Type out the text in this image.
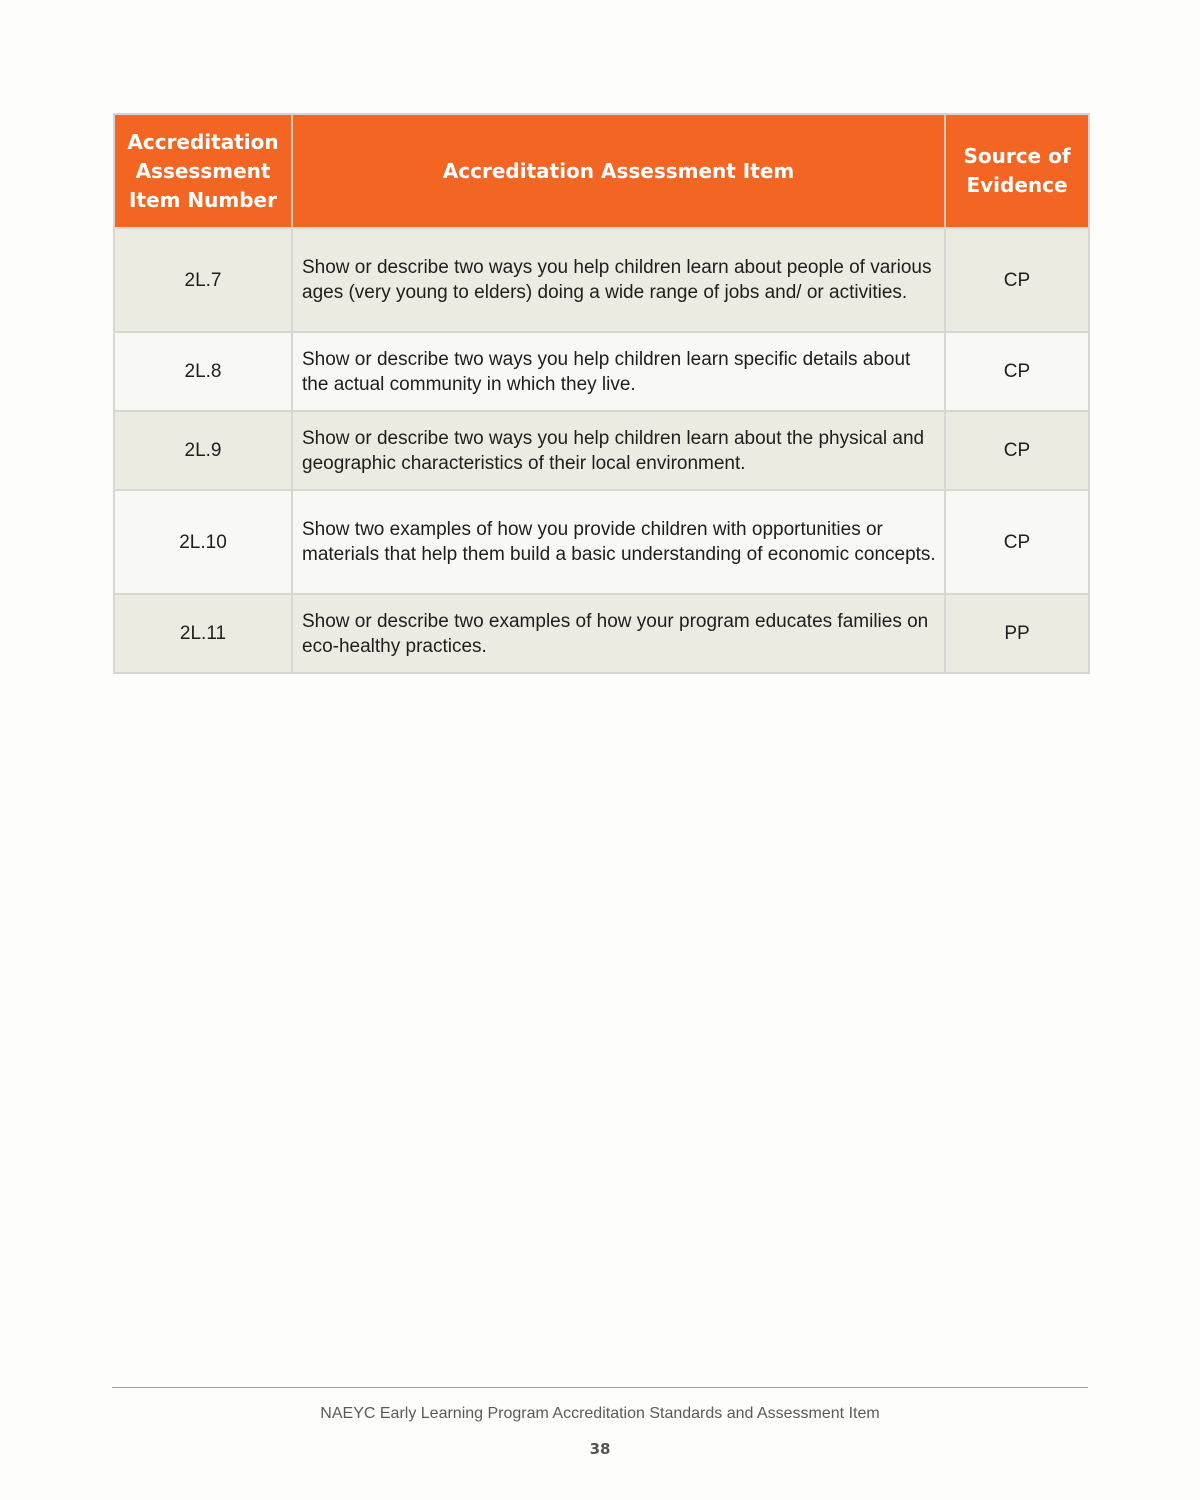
Accreditation Assessment Item Number	Accreditation Assessment Item	Source of Evidence
2L.7	Show or describe two ways you help children learn about people of various ages (very young to elders) doing a wide range of jobs and/ or activities.	CP
2L.8	Show or describe two ways you help children learn specific details about the actual community in which they live.	CP
2L.9	Show or describe two ways you help children learn about the physical and geographic characteristics of their local environment.	CP
2L.10	Show two examples of how you provide children with opportunities or materials that help them build a basic understanding of economic concepts.	CP
2L.11	Show or describe two examples of how your program educates families on eco-healthy practices.	PP
NAEYC Early Learning Program Accreditation Standards and Assessment Item
38
